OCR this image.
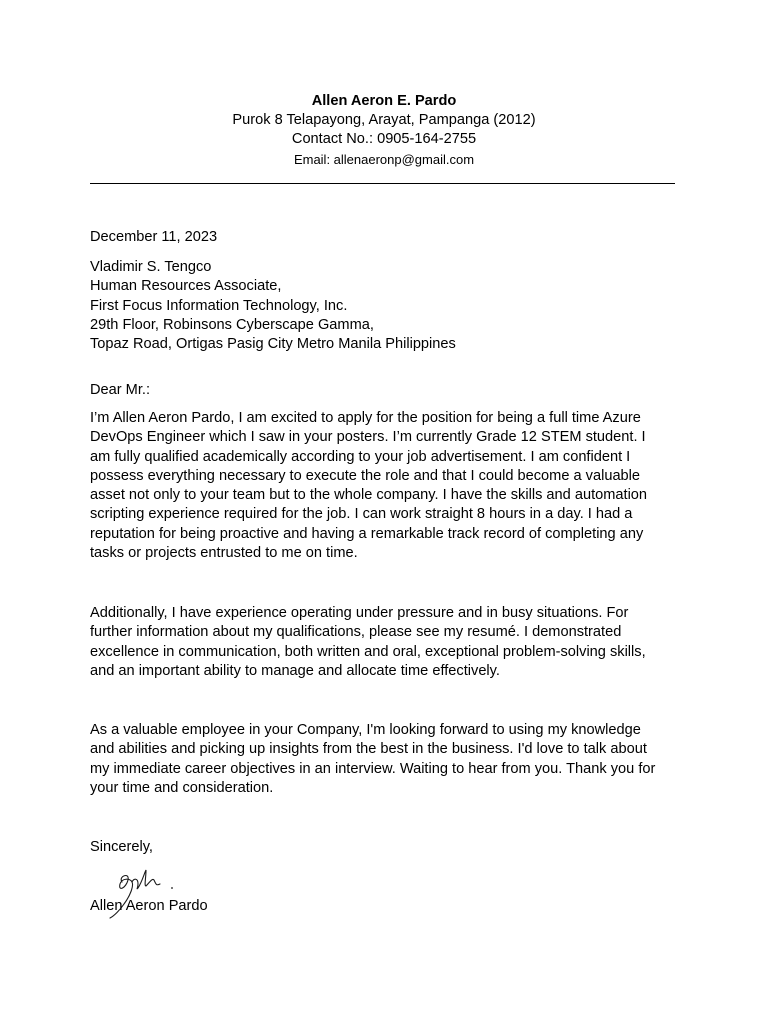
Allen Aeron E. Pardo
Purok 8 Telapayong, Arayat, Pampanga (2012)
Contact No.: 0905-164-2755
Email: allenaeronp@gmail.com
December 11, 2023
Vladimir S. Tengco
Human Resources Associate,
First Focus Information Technology, Inc.
29th Floor, Robinsons Cyberscape Gamma,
Topaz Road, Ortigas Pasig City Metro Manila Philippines
Dear Mr.:
I’m Allen Aeron Pardo, I am excited to apply for the position for being a full time Azure
DevOps Engineer which I saw in your posters. I’m currently Grade 12 STEM student. I
am fully qualified academically according to your job advertisement. I am confident I
possess everything necessary to execute the role and that I could become a valuable
asset not only to your team but to the whole company. I have the skills and automation
scripting experience required for the job. I can work straight 8 hours in a day. I had a
reputation for being proactive and having a remarkable track record of completing any
tasks or projects entrusted to me on time.
Additionally, I have experience operating under pressure and in busy situations. For
further information about my qualifications, please see my resumé. I demonstrated
excellence in communication, both written and oral, exceptional problem-solving skills,
and an important ability to manage and allocate time effectively.
As a valuable employee in your Company, I'm looking forward to using my knowledge
and abilities and picking up insights from the best in the business. I'd love to talk about
my immediate career objectives in an interview. Waiting to hear from you. Thank you for
your time and consideration.
Sincerely,
Allen Aeron Pardo
